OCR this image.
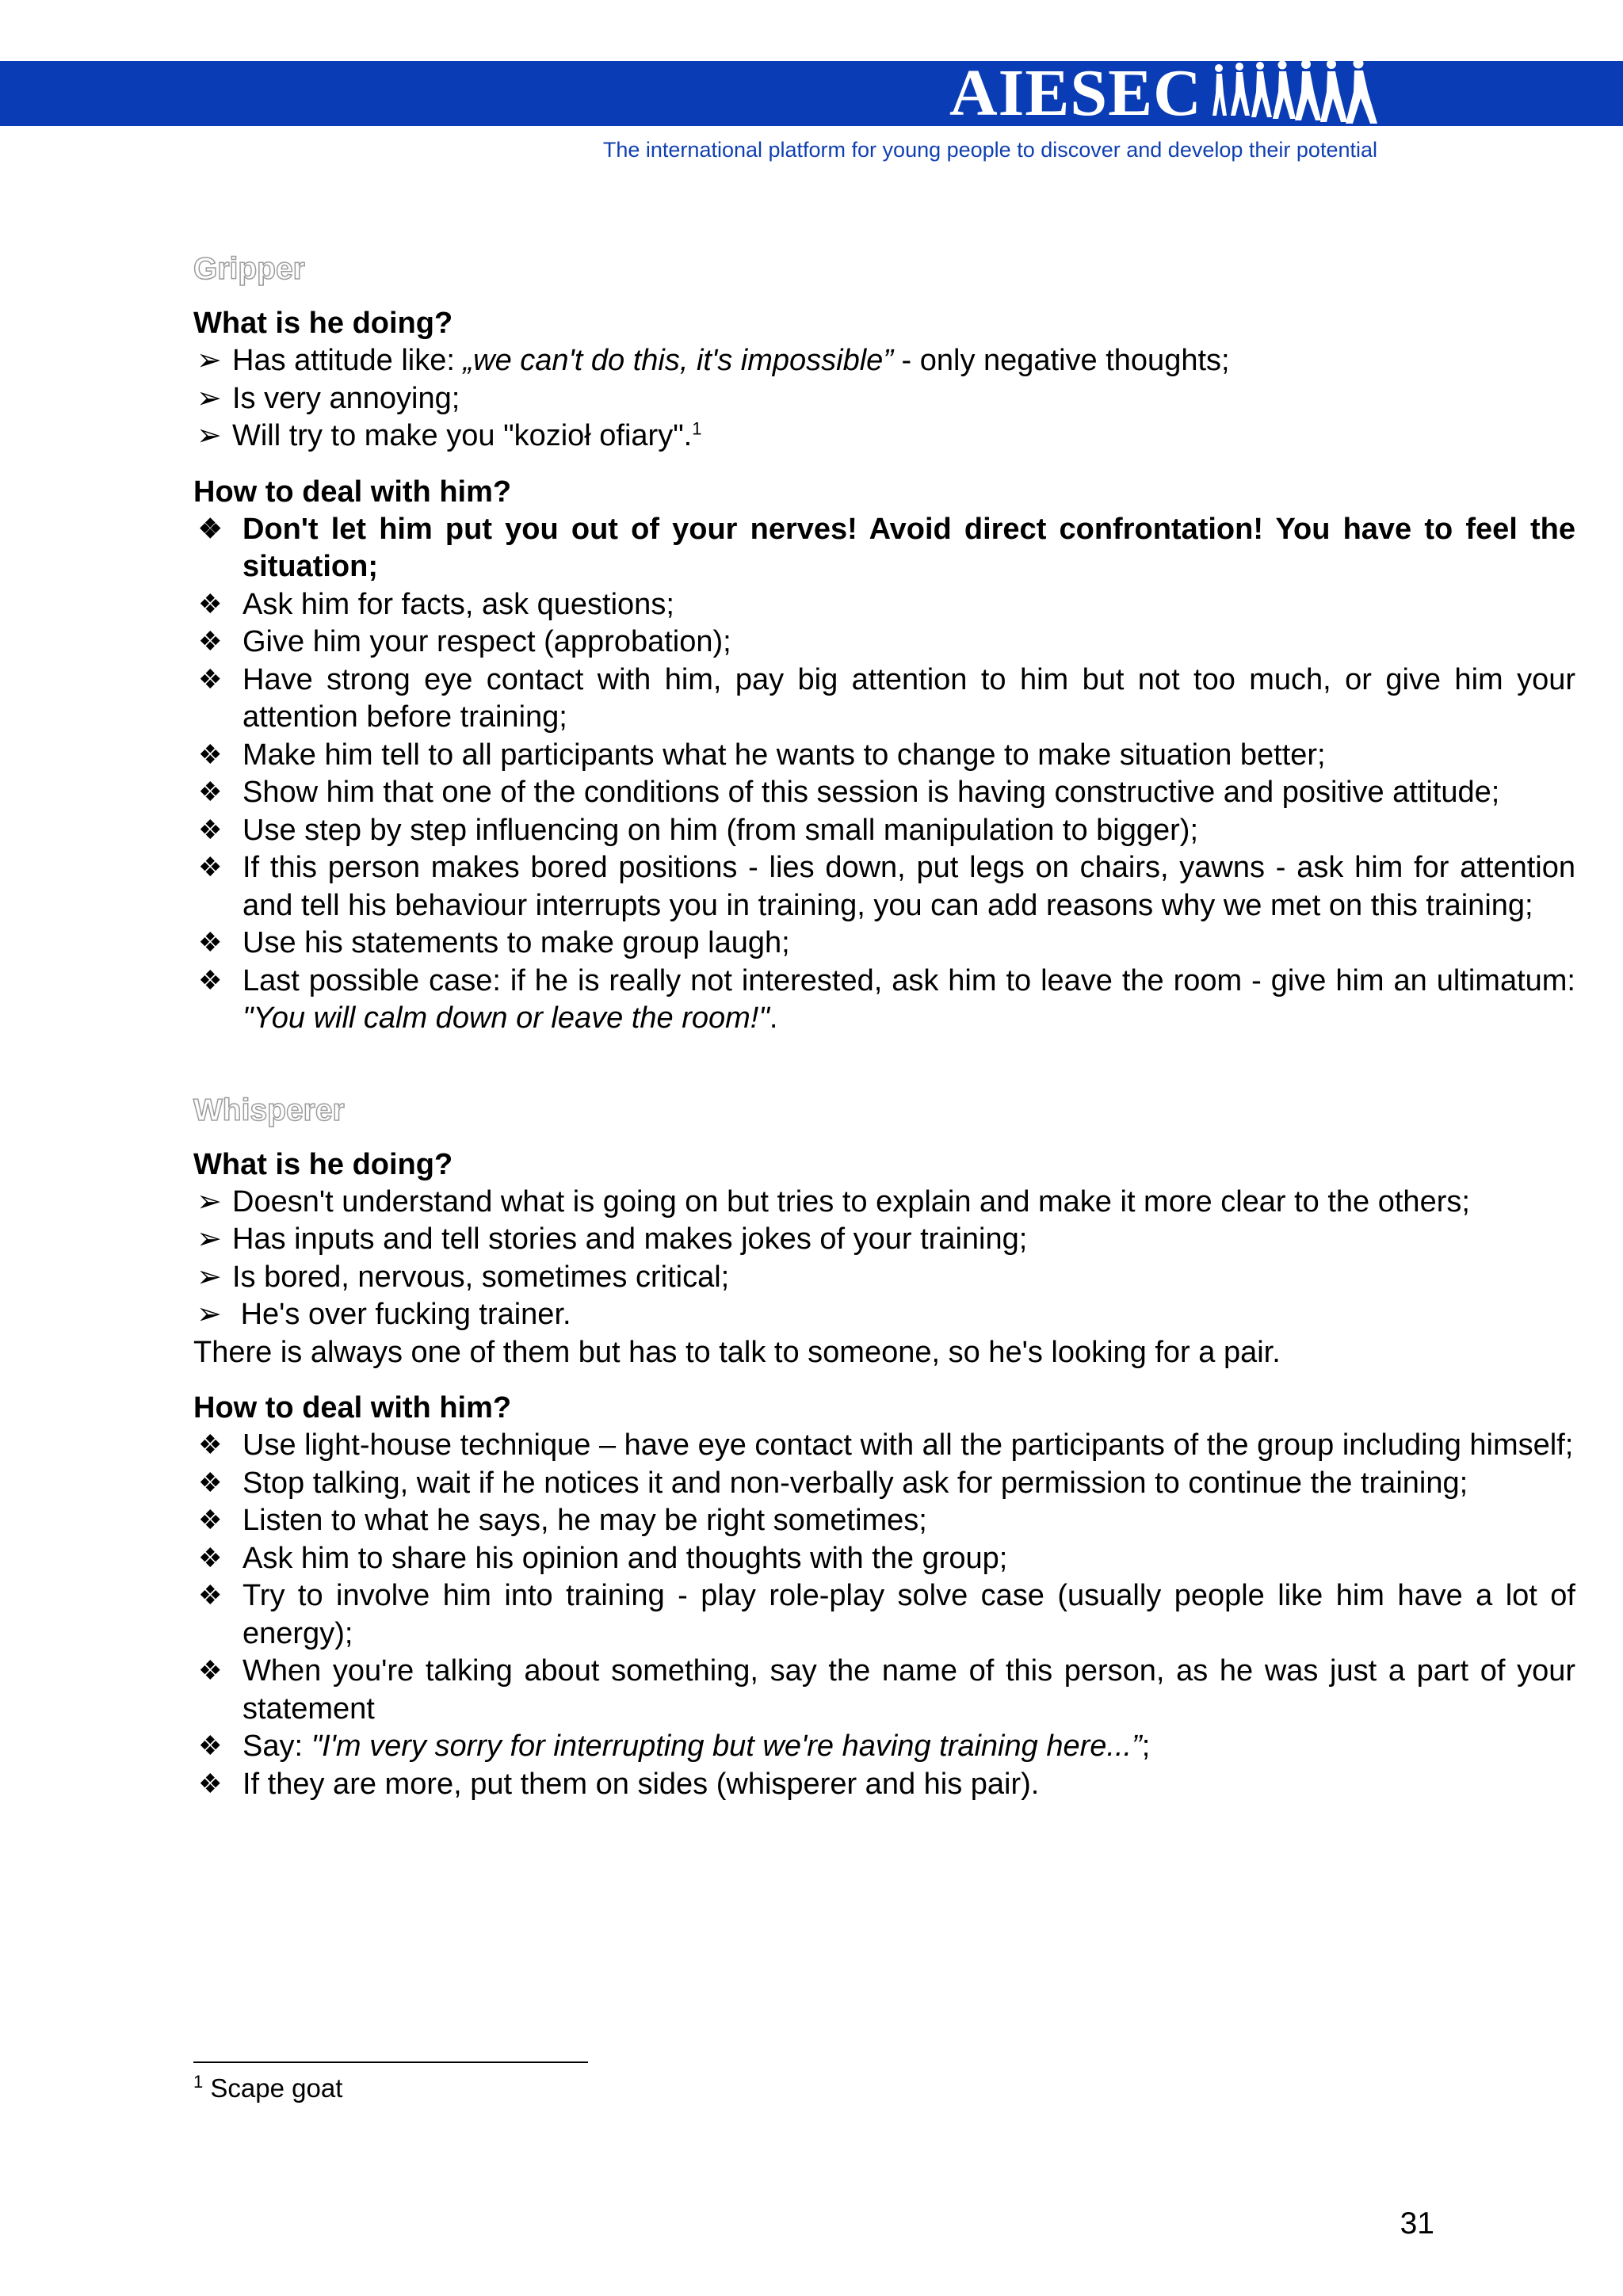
AIESEC
The international platform for young people to discover and develop their potential
Gripper
What is he doing?
➢ Has attitude like: „we can't do this, it's impossible” - only negative thoughts;
➢ Is very annoying;
➢ Will try to make you "kozioł ofiary".$^1$
How to deal with him?
❖ Don't let him put you out of your nerves! Avoid direct confrontation! You have to feel the situation;
❖ Ask him for facts, ask questions;
❖ Give him your respect (approbation);
❖ Have strong eye contact with him, pay big attention to him but not too much, or give him your attention before training;
❖ Make him tell to all participants what he wants to change to make situation better;
❖ Show him that one of the conditions of this session is having constructive and positive attitude;
❖ Use step by step influencing on him (from small manipulation to bigger);
❖ If this person makes bored positions - lies down, put legs on chairs, yawns - ask him for attention and tell his behaviour interrupts you in training, you can add reasons why we met on this training;
❖ Use his statements to make group laugh;
❖ Last possible case: if he is really not interested, ask him to leave the room - give him an ultimatum: "You will calm down or leave the room!".
Whisperer
What is he doing?
➢ Doesn't understand what is going on but tries to explain and make it more clear to the others;
➢ Has inputs and tell stories and makes jokes of your training;
➢ Is bored, nervous, sometimes critical;
➢ He's over fucking trainer.
There is always one of them but has to talk to someone, so he's looking for a pair.
How to deal with him?
❖ Use light-house technique – have eye contact with all the participants of the group including himself;
❖ Stop talking, wait if he notices it and non-verbally ask for permission to continue the training;
❖ Listen to what he says, he may be right sometimes;
❖ Ask him to share his opinion and thoughts with the group;
❖ Try to involve him into training - play role-play solve case (usually people like him have a lot of energy);
❖ When you're talking about something, say the name of this person, as he was just a part of your statement
❖ Say: "I'm very sorry for interrupting but we're having training here...”;
❖ If they are more, put them on sides (whisperer and his pair).
$^1$ Scape goat
31
